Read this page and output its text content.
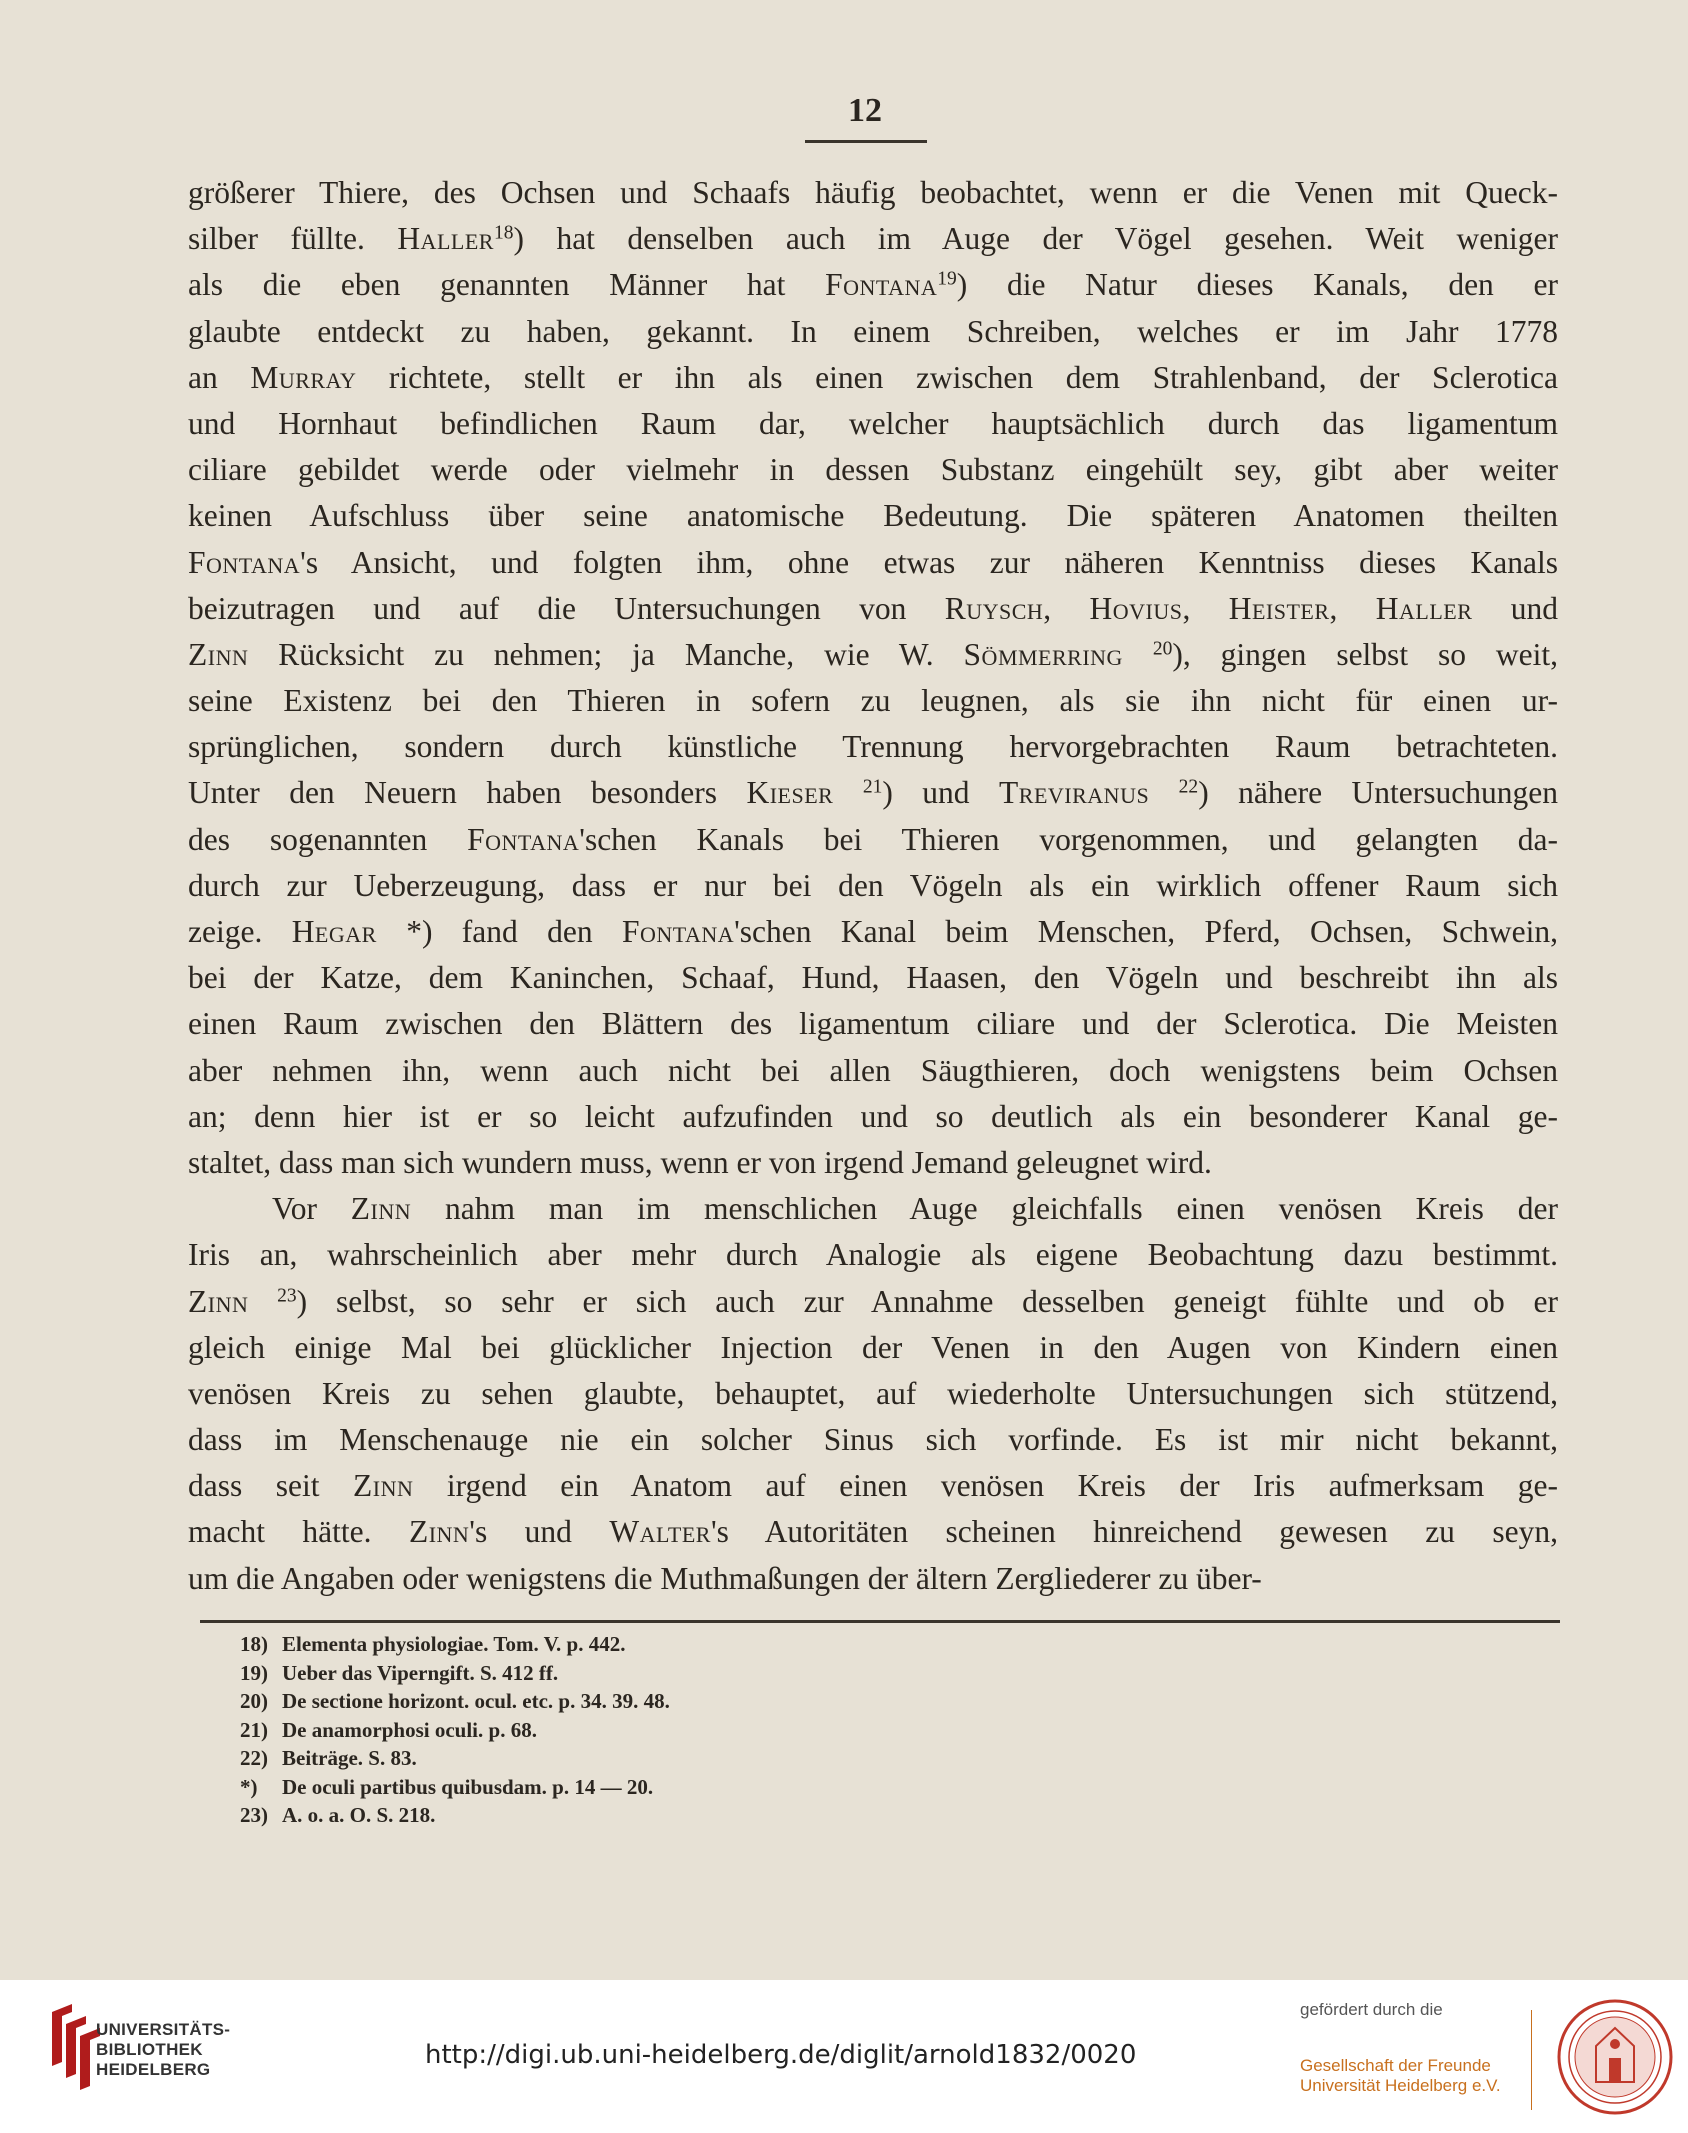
12
größerer Thiere, des Ochsen und Schaafs häufig beobachtet, wenn er die Venen mit Queck-
silber füllte. Haller$^{18}$) hat denselben auch im Auge der Vögel gesehen. Weit weniger
als die eben genannten Männer hat Fontana$^{19}$) die Natur dieses Kanals, den er
glaubte entdeckt zu haben, gekannt. In einem Schreiben, welches er im Jahr 1778
an Murray richtete, stellt er ihn als einen zwischen dem Strahlenband, der Sclerotica
und Hornhaut befindlichen Raum dar, welcher hauptsächlich durch das ligamentum
ciliare gebildet werde oder vielmehr in dessen Substanz eingehült sey, gibt aber weiter
keinen Aufschluss über seine anatomische Bedeutung. Die späteren Anatomen theilten
Fontana's Ansicht, und folgten ihm, ohne etwas zur näheren Kenntniss dieses Kanals
beizutragen und auf die Untersuchungen von Ruysch, Hovius, Heister, Haller und
Zinn Rücksicht zu nehmen; ja Manche, wie W. Sömmerring $^{20}$), gingen selbst so weit,
seine Existenz bei den Thieren in sofern zu leugnen, als sie ihn nicht für einen ur-
sprünglichen, sondern durch künstliche Trennung hervorgebrachten Raum betrachteten.
Unter den Neuern haben besonders Kieser $^{21}$) und Treviranus $^{22}$) nähere Untersuchungen
des sogenannten Fontana'schen Kanals bei Thieren vorgenommen, und gelangten da-
durch zur Ueberzeugung, dass er nur bei den Vögeln als ein wirklich offener Raum sich
zeige. Hegar *) fand den Fontana'schen Kanal beim Menschen, Pferd, Ochsen, Schwein,
bei der Katze, dem Kaninchen, Schaaf, Hund, Haasen, den Vögeln und beschreibt ihn als
einen Raum zwischen den Blättern des ligamentum ciliare und der Sclerotica. Die Meisten
aber nehmen ihn, wenn auch nicht bei allen Säugthieren, doch wenigstens beim Ochsen
an; denn hier ist er so leicht aufzufinden und so deutlich als ein besonderer Kanal ge-
staltet, dass man sich wundern muss, wenn er von irgend Jemand geleugnet wird.
Vor Zinn nahm man im menschlichen Auge gleichfalls einen venösen Kreis der
Iris an, wahrscheinlich aber mehr durch Analogie als eigene Beobachtung dazu bestimmt.
Zinn $^{23}$) selbst, so sehr er sich auch zur Annahme desselben geneigt fühlte und ob er
gleich einige Mal bei glücklicher Injection der Venen in den Augen von Kindern einen
venösen Kreis zu sehen glaubte, behauptet, auf wiederholte Untersuchungen sich stützend,
dass im Menschenauge nie ein solcher Sinus sich vorfinde. Es ist mir nicht bekannt,
dass seit Zinn irgend ein Anatom auf einen venösen Kreis der Iris aufmerksam ge-
macht hätte. Zinn's und Walter's Autoritäten scheinen hinreichend gewesen zu seyn,
um die Angaben oder wenigstens die Muthmaßungen der ältern Zergliederer zu über-
18) Elementa physiologiae. Tom. V. p. 442.
19) Ueber das Viperngift. S. 412 ff.
20) De sectione horizont. ocul. etc. p. 34. 39. 48.
21) De anamorphosi oculi. p. 68.
22) Beiträge. S. 83.
*) De oculi partibus quibusdam. p. 14 — 20.
23) A. o. a. O. S. 218.
UNIVERSITÄTS-
BIBLIOTHEK
HEIDELBERG	http://digi.ub.uni-heidelberg.de/diglit/arnold1832/0020
gefördert durch die
Gesellschaft der Freunde
Universität Heidelberg e.V.
